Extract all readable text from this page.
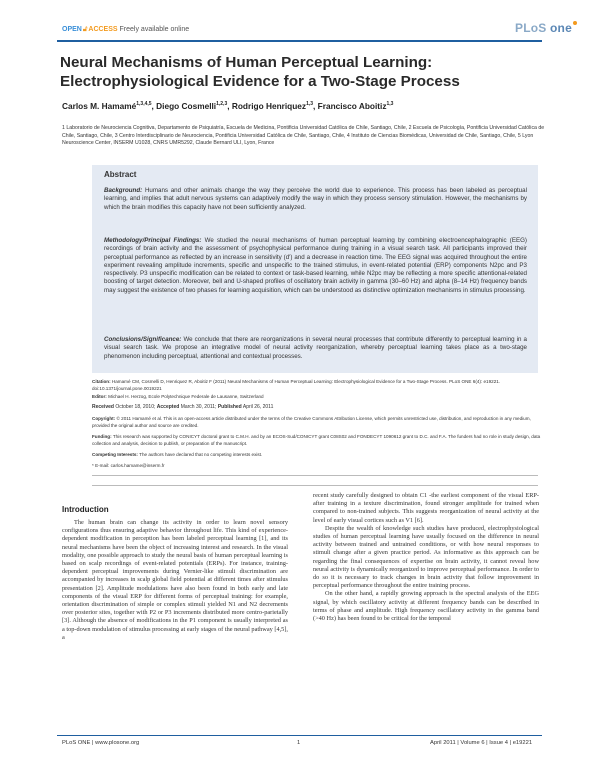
OPEN🔓︎ACCESS Freely available online	PLoS one
Neural Mechanisms of Human Perceptual Learning: Electrophysiological Evidence for a Two-Stage Process
Carlos M. Hamamé$^{1,3,4,5}$, Diego Cosmelli$^{1,2,3}$, Rodrigo Henriquez$^{1,3}$, Francisco Aboitiz$^{1,3}$
1 Laboratorio de Neurociencia Cognitiva, Departamento de Psiquiatría, Escuela de Medicina, Pontificia Universidad Católica de Chile, Santiago, Chile, 2 Escuela de Psicología, Pontificia Universidad Católica de Chile, Santiago, Chile, 3 Centro Interdisciplinario de Neurociencia, Pontificia Universidad Católica de Chile, Santiago, Chile, 4 Instituto de Ciencias Biomédicas, Universidad de Chile, Santiago, Chile, 5 Lyon Neuroscience Center, INSERM U1028, CNRS UMR5292, Claude Bernard ULI, Lyon, France
Abstract
Background: Humans and other animals change the way they perceive the world due to experience. This process has been labeled as perceptual learning, and implies that adult nervous systems can adaptively modify the way in which they process sensory stimulation. However, the mechanisms by which the brain modifies this capacity have not been sufficiently analyzed.
Methodology/Principal Findings: We studied the neural mechanisms of human perceptual learning by combining electroencephalographic (EEG) recordings of brain activity and the assessment of psychophysical performance during training in a visual search task. All participants improved their perceptual performance as reflected by an increase in sensitivity (d′) and a decrease in reaction time. The EEG signal was acquired throughout the entire experiment revealing amplitude increments, specific and unspecific to the trained stimulus, in event-related potential (ERP) components N2pc and P3 respectively. P3 unspecific modification can be related to context or task-based learning, while N2pc may be reflecting a more specific attentional-related boosting of target detection. Moreover, bell and U-shaped profiles of oscillatory brain activity in gamma (30–60 Hz) and alpha (8–14 Hz) frequency bands may suggest the existence of two phases for learning acquisition, which can be understood as distinctive optimization mechanisms in stimulus processing.
Conclusions/Significance: We conclude that there are reorganizations in several neural processes that contribute differently to perceptual learning in a visual search task. We propose an integrative model of neural activity reorganization, whereby perceptual learning takes place as a two-stage phenomenon including perceptual, attentional and contextual processes.
Citation: Hamamé CM, Cosmelli D, Henriquez R, Aboitiz F (2011) Neural Mechanisms of Human Perceptual Learning: Electrophysiological Evidence for a Two-Stage Process. PLoS ONE 6(4): e19221. doi:10.1371/journal.pone.0019221
Editor: Michael H. Herzog, Ecole Polytechnique Federale de Lausanne, Switzerland
Received October 18, 2010; Accepted March 30, 2011; Published April 26, 2011
Copyright: © 2011 Hamamé et al. This is an open-access article distributed under the terms of the Creative Commons Attribution License, which permits unrestricted use, distribution, and reproduction in any medium, provided the original author and source are credited.
Funding: This research was supported by CONICYT doctoral grant to C.M.H. and by an ECOS-Sud/CONICYT grant C08S02 and FONDECYT 1090612 grant to D.C. and F.A. The funders had no role in study design, data collection and analysis, decision to publish, or preparation of the manuscript.
Competing Interests: The authors have declared that no competing interests exist.
* E-mail: carlos.hamame@inserm.fr
Introduction
The human brain can change its activity in order to learn novel sensory configurations thus ensuring adaptive behavior throughout life. This kind of experience-dependent modification in perception has been labeled perceptual learning [1], and its neural mechanisms have been the object of increasing interest and research. In the visual modality, one possible approach to study the neural basis of human perceptual learning is based on scalp recordings of event-related potentials (ERPs). For instance, training-dependent perceptual improvements during Vernier-like stimuli discrimination are accompanied by increases in scalp global field potential at different times after stimulus presentation [2]. Amplitude modulations have also been found in both early and late components of the visual ERP for different forms of perceptual training: for example, orientation discrimination of simple or complex stimuli yielded N1 and N2 decrements over posterior sites, together with P2 or P3 increments distributed more centro-parietally [3]. Although the absence of modifications in the P1 component is usually interpreted as a top-down modulation of stimulus processing at early stages of the neural pathway [4,5], a

recent study carefully designed to obtain C1 -the earliest component of the visual ERP- after training in a texture discrimination, found stronger amplitude for trained when compared to non-trained subjects. This suggests reorganization of neural activity at the level of early visual cortices such as V1 [6].

Despite the wealth of knowledge such studies have produced, electrophysiological studies of human perceptual learning have usually focused on the difference in neural activity between trained and untrained conditions, or with how neural responses to stimuli change after a given practice period. As informative as this approach can be regarding the final consequences of expertise on brain activity, it cannot reveal how neural activity is dynamically reorganized to improve perceptual performance. In order to do so it is necessary to track changes in brain activity that follow improvement in perceptual performance throughout the entire training process.

On the other hand, a rapidly growing approach is the spectral analysis of the EEG signal, by which oscillatory activity at different frequency bands can be described in terms of phase and amplitude. High frequency oscillatory activity in the gamma band (>40 Hz) has been found to be critical for the temporal

PLoS ONE | www.plosone.org	1	April 2011 | Volume 6 | Issue 4 | e19221
